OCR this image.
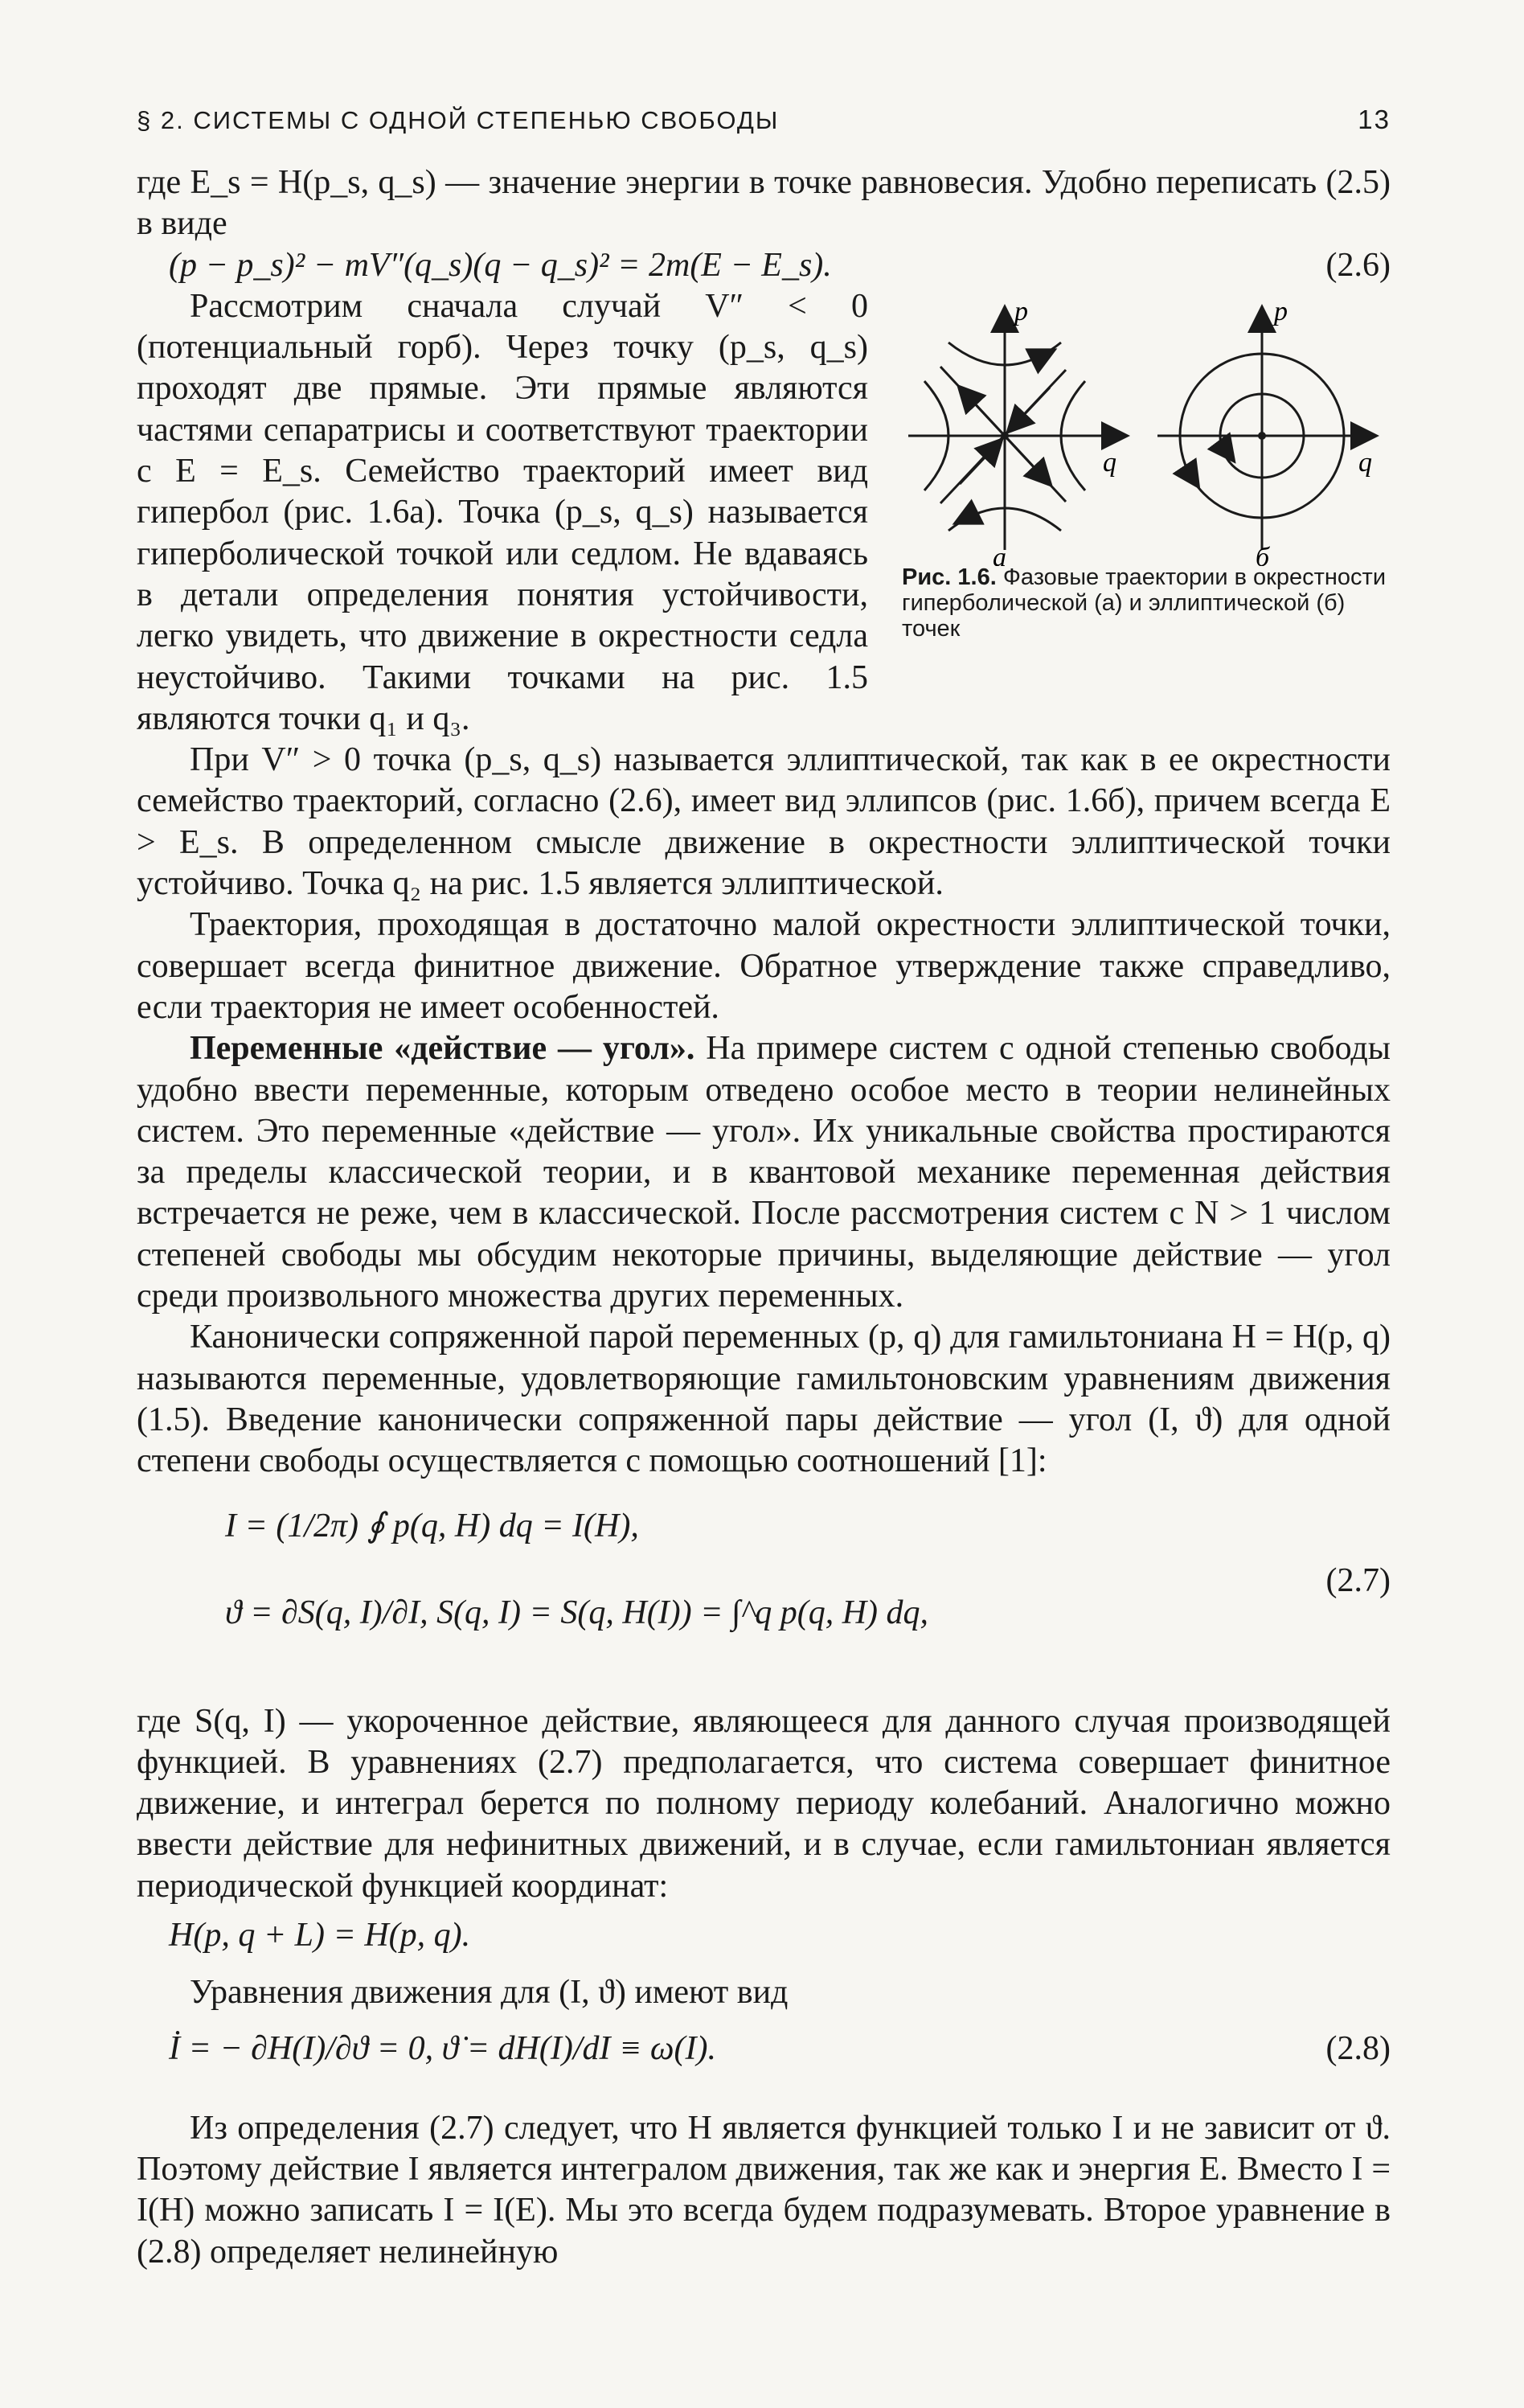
§ 2. СИСТЕМЫ С ОДНОЙ СТЕПЕНЬЮ СВОБОДЫ	13

где E_s = H(p_s, q_s) — значение энергии в точке равновесия. Удобно переписать (2.5) в виде

(p − p_s)² − mV″(q_s)(q − q_s)² = 2m(E − E_s).	(2.6)
p
q
а
p
q
б
Рис. 1.6. Фазовые траектории в окрестности гиперболической (а) и эллиптической (б) точек

Рассмотрим сначала случай V″ < 0 (потенциальный горб). Через точку (p_s, q_s) проходят две прямые. Эти прямые являются частями сепаратрисы и соответствуют траектории с E = E_s. Семейство траекторий имеет вид гипербол (рис. 1.6а). Точка (p_s, q_s) называется гиперболической точкой или седлом. Не вдаваясь в детали определения понятия устойчивости, легко увидеть, что движение в окрестности седла неустойчиво. Такими точками на рис. 1.5 являются точки q₁ и q₃.

При V″ > 0 точка (p_s, q_s) называется эллиптической, так как в ее окрестности семейство траекторий, согласно (2.6), имеет вид эллипсов (рис. 1.6б), причем всегда E > E_s. В определенном смысле движение в окрестности эллиптической точки устойчиво. Точка q₂ на рис. 1.5 является эллиптической.

Траектория, проходящая в достаточно малой окрестности эллиптической точки, совершает всегда финитное движение. Обратное утверждение также справедливо, если траектория не имеет особенностей.

Переменные «действие — угол». На примере систем с одной степенью свободы удобно ввести переменные, которым отведено особое место в теории нелинейных систем. Это переменные «действие — угол». Их уникальные свойства простираются за пределы классической теории, и в квантовой механике переменная действия встречается не реже, чем в классической. После рассмотрения систем с N > 1 числом степеней свободы мы обсудим некоторые причины, выделяющие действие — угол среди произвольного множества других переменных.

Канонически сопряженной парой переменных (p, q) для гамильтониана H = H(p, q) называются переменные, удовлетворяющие гамильтоновским уравнениям движения (1.5). Введение канонически сопряженной пары действие — угол (I, ϑ) для одной степени свободы осуществляется с помощью соотношений [1]:

I = (1/2π) ∮ p(q, H) dq = I(H),
ϑ = ∂S(q, I)/∂I, S(q, I) = S(q, H(I)) = ∫^q p(q, H) dq,
(2.7)

где S(q, I) — укороченное действие, являющееся для данного случая производящей функцией. В уравнениях (2.7) предполагается, что система совершает финитное движение, и интеграл берется по полному периоду колебаний. Аналогично можно ввести действие для нефинитных движений, и в случае, если гамильтониан является периодической функцией координат:

H(p, q + L) = H(p, q).

Уравнения движения для (I, ϑ) имеют вид

İ = − ∂H(I)/∂ϑ = 0, ϑ̇ = dH(I)/dI ≡ ω(I).	(2.8)

Из определения (2.7) следует, что H является функцией только I и не зависит от ϑ. Поэтому действие I является интегралом движения, так же как и энергия E. Вместо I = I(H) можно записать I = I(E). Мы это всегда будем подразумевать. Второе уравнение в (2.8) определяет нелинейную
